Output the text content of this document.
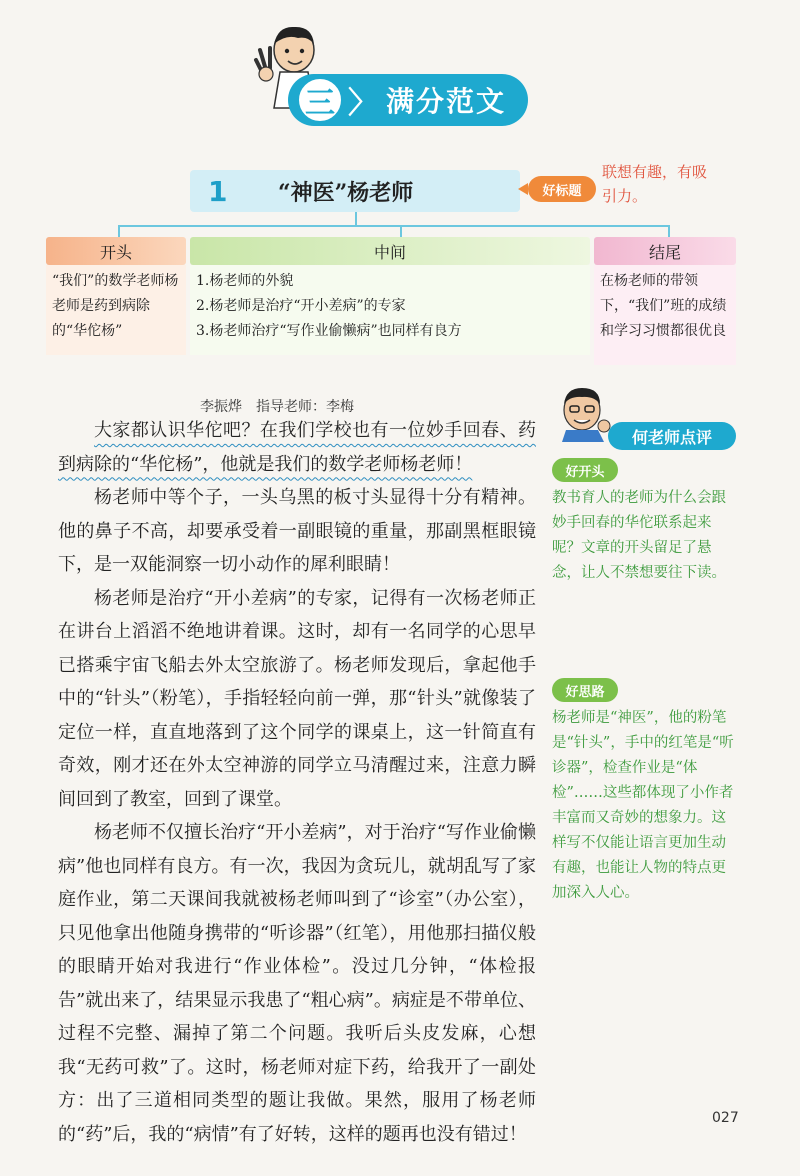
三 〉 满分范文
1	“神医”杨老师	好标题
联想有趣，有吸引力。
开头
“我们”的数学老师杨老师是药到病除的“华佗杨”
中间
1.杨老师的外貌
2.杨老师是治疗“开小差病”的专家
3.杨老师治疗“写作业偷懒病”也同样有良方
结尾
在杨老师的带领下，“我们”班的成绩和学习习惯都很优良
李振烨 指导老师：李梅

大家都认识华佗吧？在我们学校也有一位妙手回春、药到病除的“华佗杨”，他就是我们的数学老师杨老师！

杨老师中等个子，一头乌黑的板寸头显得十分有精神。他的鼻子不高，却要承受着一副眼镜的重量，那副黑框眼镜下，是一双能洞察一切小动作的犀利眼睛！

杨老师是治疗“开小差病”的专家，记得有一次杨老师正在讲台上滔滔不绝地讲着课。这时，却有一名同学的心思早已搭乘宇宙飞船去外太空旅游了。杨老师发现后，拿起他手中的“针头”（粉笔），手指轻轻向前一弹，那“针头”就像装了定位一样，直直地落到了这个同学的课桌上，这一针简直有奇效，刚才还在外太空神游的同学立马清醒过来，注意力瞬间回到了教室，回到了课堂。

杨老师不仅擅长治疗“开小差病”，对于治疗“写作业偷懒病”他也同样有良方。有一次，我因为贪玩儿，就胡乱写了家庭作业，第二天课间我就被杨老师叫到了“诊室”（办公室），只见他拿出他随身携带的“听诊器”（红笔），用他那扫描仪般的眼睛开始对我进行“作业体检”。没过几分钟，“体检报告”就出来了，结果显示我患了“粗心病”。病症是不带单位、过程不完整、漏掉了第二个问题。我听后头皮发麻，心想我“无药可救”了。这时，杨老师对症下药，给我开了一副处方：出了三道相同类型的题让我做。果然，服用了杨老师的“药”后，我的“病情”有了好转，这样的题再也没有错过！

何老师点评
好开头
教书育人的老师为什么会跟妙手回春的华佗联系起来呢？文章的开头留足了悬念，让人不禁想要往下读。
好思路
杨老师是“神医”，他的粉笔是“针头”，手中的红笔是“听诊器”，检查作业是“体检”……这些都体现了小作者丰富而又奇妙的想象力。这样写不仅能让语言更加生动有趣，也能让人物的特点更加深入人心。
027
